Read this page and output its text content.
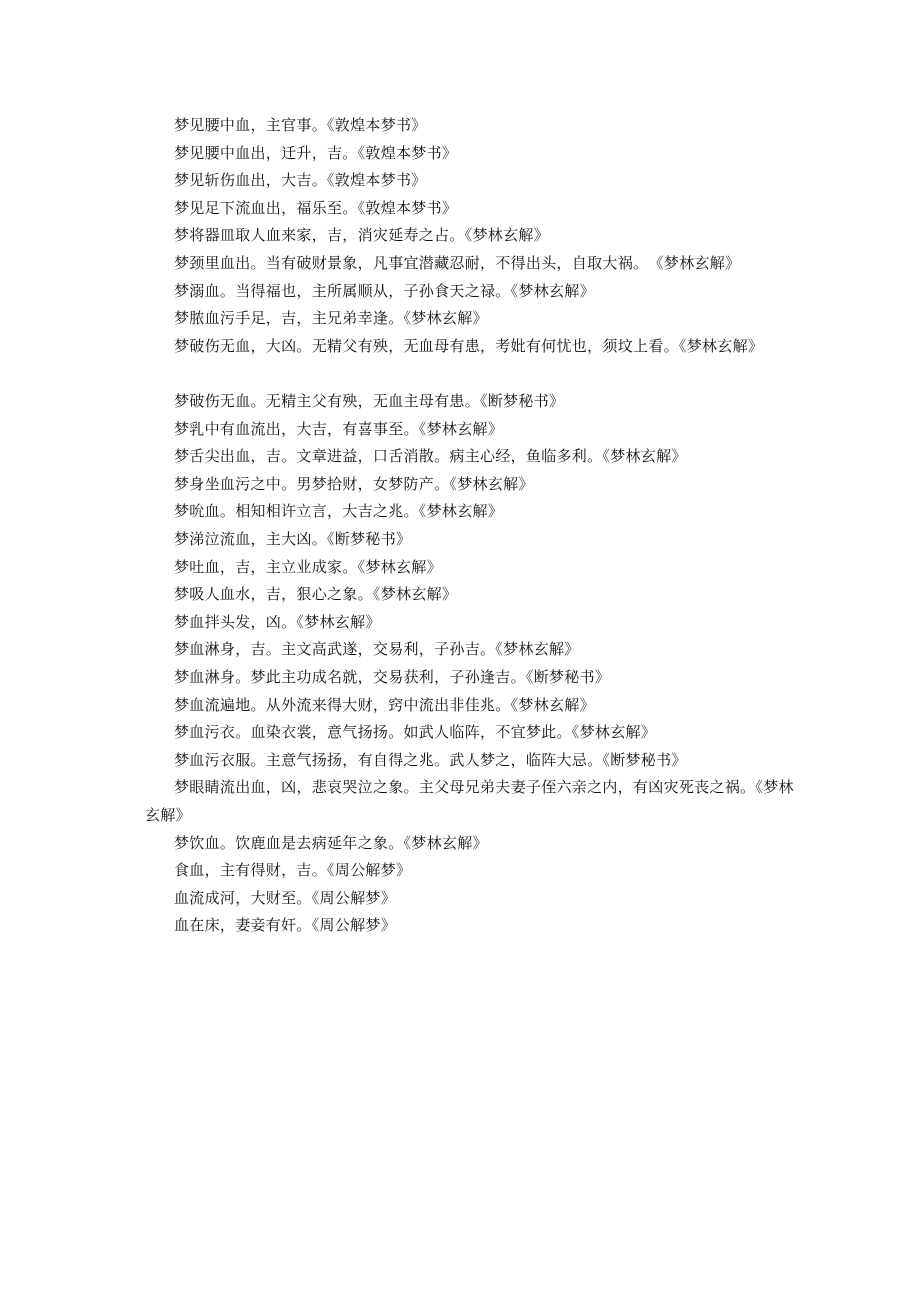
梦见腰中血，主官事。《敦煌本梦书》
梦见腰中血出，迁升，吉。《敦煌本梦书》
梦见斩伤血出，大吉。《敦煌本梦书》
梦见足下流血出，福乐至。《敦煌本梦书》
梦将器皿取人血来家，吉，消灾延寿之占。《梦林玄解》
梦颈里血出。当有破财景象，凡事宜潜藏忍耐，不得出头，自取大祸。　《梦林玄解》
梦溺血。当得福也，主所属顺从，子孙食天之禄。《梦林玄解》
梦脓血污手足，吉，主兄弟幸逢。《梦林玄解》
梦破伤无血，大凶。无精父有殃，无血母有患，考妣有何忧也，须坟上看。《梦林玄解》
梦破伤无血。无精主父有殃，无血主母有患。《断梦秘书》
梦乳中有血流出，大吉，有喜事至。《梦林玄解》
梦舌尖出血，吉。文章进益，口舌消散。病主心经，鱼临多利。《梦林玄解》
梦身坐血污之中。男梦拾财，女梦防产。《梦林玄解》
梦吮血。相知相许立言，大吉之兆。《梦林玄解》
梦涕泣流血，主大凶。《断梦秘书》
梦吐血，吉，主立业成家。《梦林玄解》
梦吸人血水，吉，狠心之象。《梦林玄解》
梦血拌头发，凶。《梦林玄解》
梦血淋身，吉。主文高武遂，交易利，子孙吉。《梦林玄解》
梦血淋身。梦此主功成名就，交易获利，子孙逢吉。《断梦秘书》
梦血流遍地。从外流来得大财，窍中流出非佳兆。《梦林玄解》
梦血污衣。血染衣裳，意气扬扬。如武人临阵，不宜梦此。《梦林玄解》
梦血污衣服。主意气扬扬，有自得之兆。武人梦之，临阵大忌。《断梦秘书》
梦眼睛流出血，凶，悲哀哭泣之象。主父母兄弟夫妻子侄六亲之内，有凶灾死丧之祸。《梦林玄解》
梦饮血。饮鹿血是去病延年之象。《梦林玄解》
食血，主有得财，吉。《周公解梦》
血流成河，大财至。《周公解梦》
血在床，妻妾有奸。《周公解梦》
